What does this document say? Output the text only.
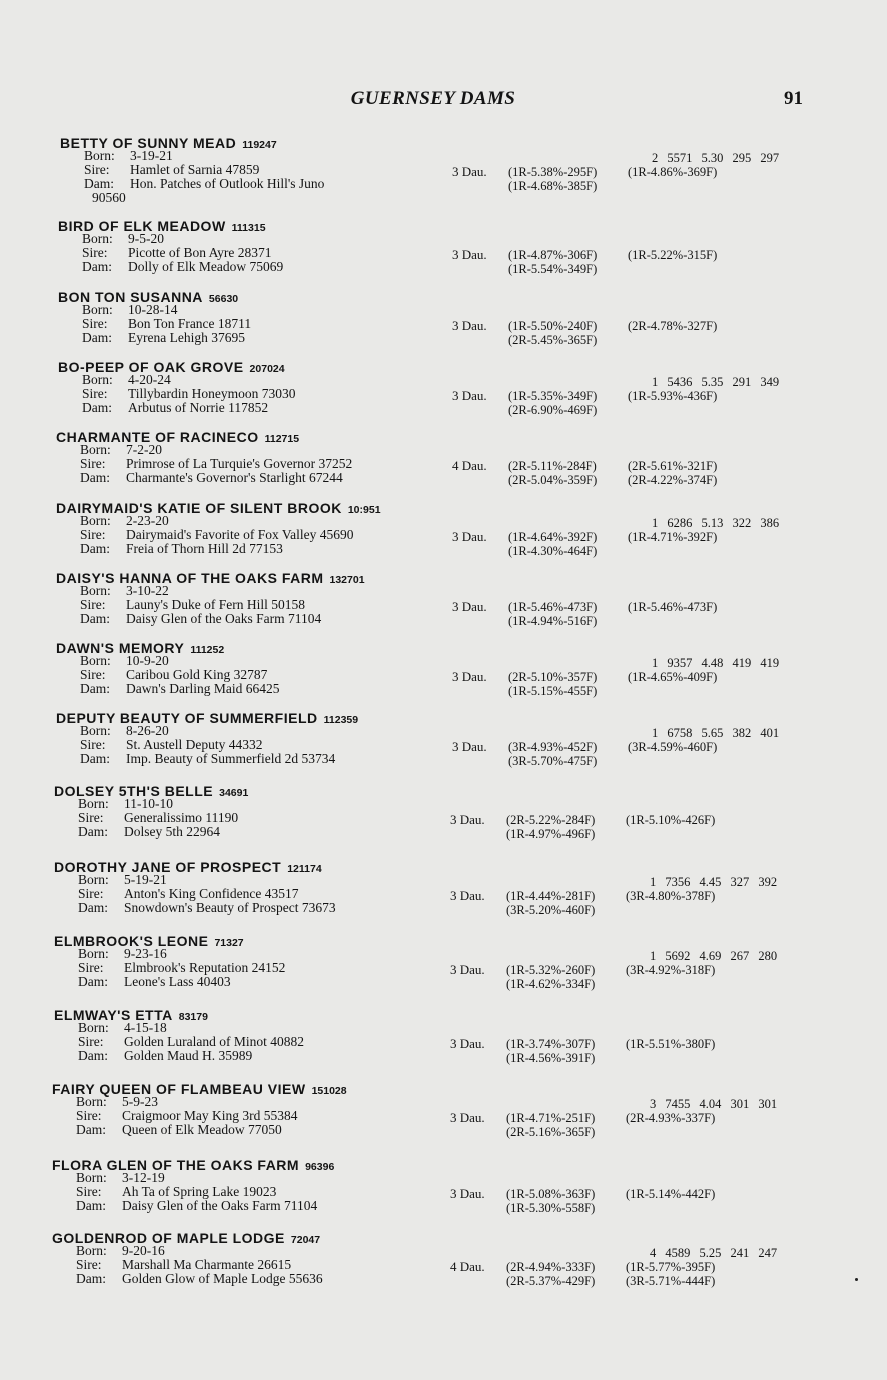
GUERNSEY DAMS	91
BETTY OF SUNNY MEAD 119247
Born: 3-19-21
Sire: Hamlet of Sarnia 47859
Dam: Hon. Patches of Outlook Hill's Juno
90560
2 5571 5.30 295 297
3 Dau. (1R-5.38%-295F) (1R-4.86%-369F)
(1R-4.68%-385F)
BIRD OF ELK MEADOW 111315
Born: 9-5-20
Sire: Picotte of Bon Ayre 28371
Dam: Dolly of Elk Meadow 75069
3 Dau. (1R-4.87%-306F) (1R-5.22%-315F)
(1R-5.54%-349F)
BON TON SUSANNA 56630
Born: 10-28-14
Sire: Bon Ton France 18711
Dam: Eyrena Lehigh 37695
3 Dau. (1R-5.50%-240F) (2R-4.78%-327F)
(2R-5.45%-365F)
BO-PEEP OF OAK GROVE 207024
Born: 4-20-24
Sire: Tillybardin Honeymoon 73030
Dam: Arbutus of Norrie 117852
1 5436 5.35 291 349
3 Dau. (1R-5.35%-349F) (1R-5.93%-436F)
(2R-6.90%-469F)
CHARMANTE OF RACINECO 112715
Born: 7-2-20
Sire: Primrose of La Turquie's Governor 37252
Dam: Charmante's Governor's Starlight 67244
4 Dau. (2R-5.11%-284F) (2R-5.61%-321F)
(2R-5.04%-359F) (2R-4.22%-374F)
DAIRYMAID'S KATIE OF SILENT BROOK 10:951
Born: 2-23-20
Sire: Dairymaid's Favorite of Fox Valley 45690
Dam: Freia of Thorn Hill 2d 77153
1 6286 5.13 322 386
3 Dau. (1R-4.64%-392F) (1R-4.71%-392F)
(1R-4.30%-464F)
DAISY'S HANNA OF THE OAKS FARM 132701
Born: 3-10-22
Sire: Launy's Duke of Fern Hill 50158
Dam: Daisy Glen of the Oaks Farm 71104
3 Dau. (1R-5.46%-473F) (1R-5.46%-473F)
(1R-4.94%-516F)
DAWN'S MEMORY 111252
Born: 10-9-20
Sire: Caribou Gold King 32787
Dam: Dawn's Darling Maid 66425
1 9357 4.48 419 419
3 Dau. (2R-5.10%-357F) (1R-4.65%-409F)
(1R-5.15%-455F)
DEPUTY BEAUTY OF SUMMERFIELD 112359
Born: 8-26-20
Sire: St. Austell Deputy 44332
Dam: Imp. Beauty of Summerfield 2d 53734
1 6758 5.65 382 401
3 Dau. (3R-4.93%-452F) (3R-4.59%-460F)
(3R-5.70%-475F)
DOLSEY 5TH'S BELLE 34691
Born: 11-10-10
Sire: Generalissimo 11190
Dam: Dolsey 5th 22964
3 Dau. (2R-5.22%-284F) (1R-5.10%-426F)
(1R-4.97%-496F)
DOROTHY JANE OF PROSPECT 121174
Born: 5-19-21
Sire: Anton's King Confidence 43517
Dam: Snowdown's Beauty of Prospect 73673
1 7356 4.45 327 392
3 Dau. (1R-4.44%-281F) (3R-4.80%-378F)
(3R-5.20%-460F)
ELMBROOK'S LEONE 71327
Born: 9-23-16
Sire: Elmbrook's Reputation 24152
Dam: Leone's Lass 40403
1 5692 4.69 267 280
3 Dau. (1R-5.32%-260F) (3R-4.92%-318F)
(1R-4.62%-334F)
ELMWAY'S ETTA 83179
Born: 4-15-18
Sire: Golden Luraland of Minot 40882
Dam: Golden Maud H. 35989
3 Dau. (1R-3.74%-307F) (1R-5.51%-380F)
(1R-4.56%-391F)
FAIRY QUEEN OF FLAMBEAU VIEW 151028
Born: 5-9-23
Sire: Craigmoor May King 3rd 55384
Dam: Queen of Elk Meadow 77050
3 7455 4.04 301 301
3 Dau. (1R-4.71%-251F) (2R-4.93%-337F)
(2R-5.16%-365F)
FLORA GLEN OF THE OAKS FARM 96396
Born: 3-12-19
Sire: Ah Ta of Spring Lake 19023
Dam: Daisy Glen of the Oaks Farm 71104
3 Dau. (1R-5.08%-363F) (1R-5.14%-442F)
(1R-5.30%-558F)
GOLDENROD OF MAPLE LODGE 72047
Born: 9-20-16
Sire: Marshall Ma Charmante 26615
Dam: Golden Glow of Maple Lodge 55636
4 4589 5.25 241 247
4 Dau. (2R-4.94%-333F) (1R-5.77%-395F)
(2R-5.37%-429F) (3R-5.71%-444F)
